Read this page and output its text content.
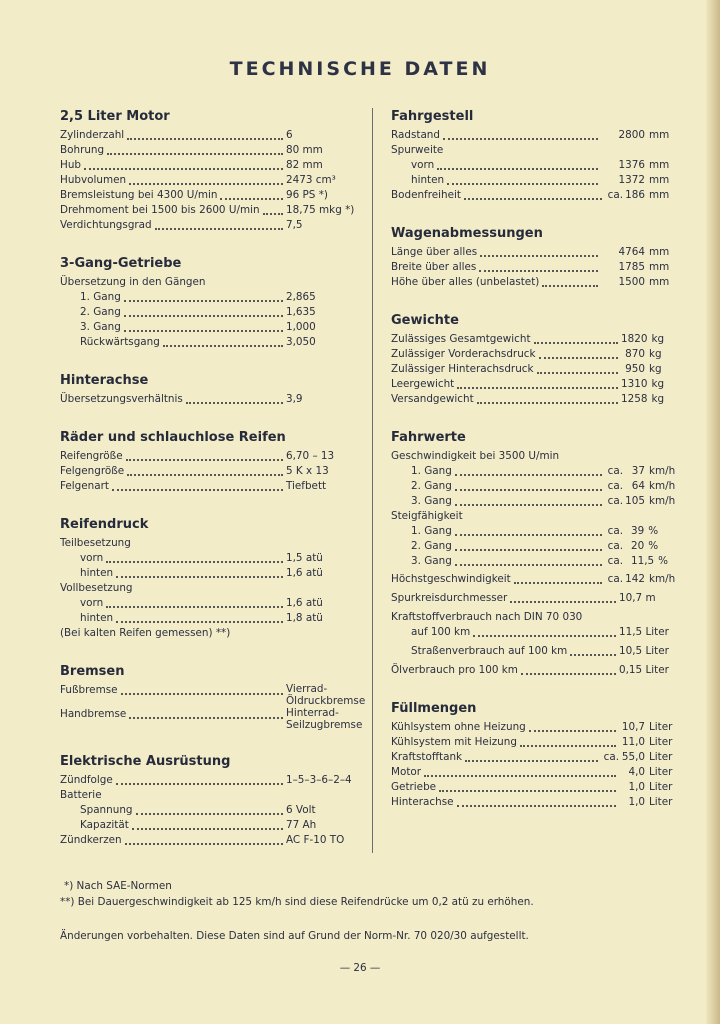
TECHNISCHE DATEN
2,5 Liter Motor
Zylinderzahl	6
Bohrung	80 mm
Hub	82 mm
Hubvolumen	2473 cm³
Bremsleistung bei 4300 U/min	96 PS *)
Drehmoment bei 1500 bis 2600 U/min	18,75 mkg *)
Verdichtungsgrad	7,5
3-Gang-Getriebe
Übersetzung in den Gängen
1. Gang	2,865
2. Gang	1,635
3. Gang	1,000
Rückwärtsgang	3,050
Hinterachse
Übersetzungsverhältnis	3,9
Räder und schlauchlose Reifen
Reifengröße	6,70 – 13
Felgengröße	5 K x 13
Felgenart	Tiefbett
Reifendruck
Teilbesetzung
vorn	1,5 atü
hinten	1,6 atü
Vollbesetzung
vorn	1,6 atü
hinten	1,8 atü
(Bei kalten Reifen gemessen) **)
Bremsen
Fußbremse	Vierrad-
Öldruckbremse
Handbremse	Hinterrad-
Seilzugbremse
Elektrische Ausrüstung
Zündfolge	1–5–3–6–2–4
Batterie
Spannung	6 Volt
Kapazität	77 Ah
Zündkerzen	AC F-10 TO
Fahrgestell
Radstand	2800 mm
Spurweite
vorn	1376 mm
hinten	1372 mm
Bodenfreiheit	ca. 186 mm
Wagenabmessungen
Länge über alles	4764 mm
Breite über alles	1785 mm
Höhe über alles (unbelastet)	1500 mm
Gewichte
Zulässiges Gesamtgewicht	1820 kg
Zulässiger Vorderachsdruck	870 kg
Zulässiger Hinterachsdruck	950 kg
Leergewicht	1310 kg
Versandgewicht	1258 kg
Fahrwerte
Geschwindigkeit bei 3500 U/min
1. Gang	ca. 37 km/h
2. Gang	ca. 64 km/h
3. Gang	ca. 105 km/h
Steigfähigkeit
1. Gang	ca. 39 %
2. Gang	ca. 20 %
3. Gang	ca. 11,5 %
Höchstgeschwindigkeit	ca. 142 km/h
Spurkreisdurchmesser	10,7 m
Kraftstoffverbrauch nach DIN 70 030
auf 100 km	11,5 Liter
Straßenverbrauch auf 100 km	10,5 Liter
Ölverbrauch pro 100 km	0,15 Liter
Füllmengen
Kühlsystem ohne Heizung	10,7 Liter
Kühlsystem mit Heizung	11,0 Liter
Kraftstofftank	ca. 55,0 Liter
Motor	4,0 Liter
Getriebe	1,0 Liter
Hinterachse	1,0 Liter
*) Nach SAE-Normen
**) Bei Dauergeschwindigkeit ab 125 km/h sind diese Reifendrücke um 0,2 atü zu erhöhen.
Änderungen vorbehalten. Diese Daten sind auf Grund der Norm-Nr. 70 020/30 aufgestellt.
— 26 —
